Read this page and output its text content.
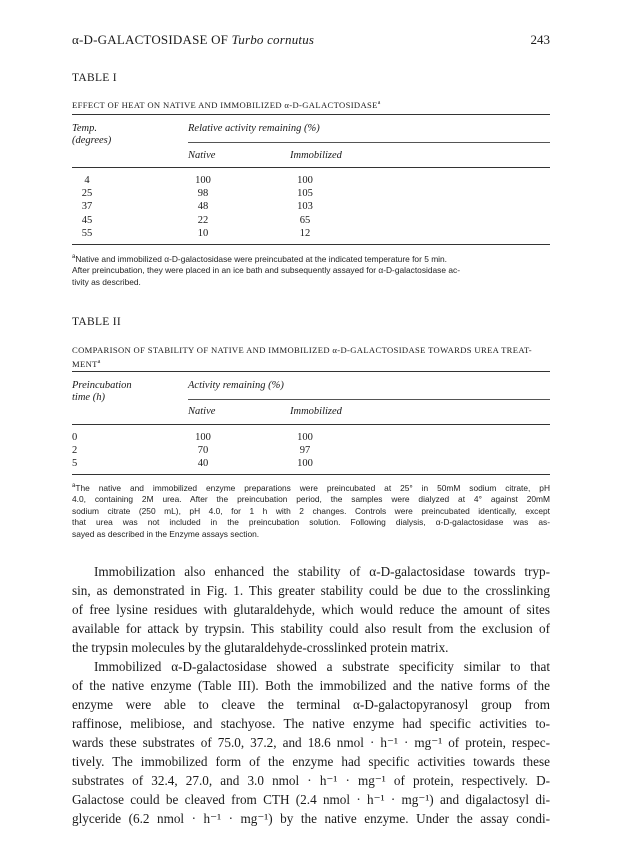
α-D-GALACTOSIDASE OF Turbo cornutus	243
TABLE I
EFFECT OF HEAT ON NATIVE AND IMMOBILIZED α-D-GALACTOSIDASE$^a$
Temp.
(degrees)
Relative activity remaining (%)
Native	Immobilized
4	100	100
25	98	105
37	48	103
45	22	65
55	10	12
$^a$Native and immobilized α-D-galactosidase were preincubated at the indicated temperature for 5 min.
After preincubation, they were placed in an ice bath and subsequently assayed for α-D-galactosidase ac-
tivity as described.
TABLE II
COMPARISON OF STABILITY OF NATIVE AND IMMOBILIZED α-D-GALACTOSIDASE TOWARDS UREA TREAT-
MENT$^a$
Preincubation
time (h)
Activity remaining (%)
Native	Immobilized
0	100	100
2	70	97
5	40	100
$^a$The native and immobilized enzyme preparations were preincubated at 25° in 50mM sodium citrate, pH
4.0, containing 2M urea. After the preincubation period, the samples were dialyzed at 4° against 20mM
sodium citrate (250 mL), pH 4.0, for 1 h with 2 changes. Controls were preincubated identically, except
that urea was not included in the preincubation solution. Following dialysis, α-D-galactosidase was as-
sayed as described in the Enzyme assays section.
Immobilization also enhanced the stability of α-D-galactosidase towards tryp-
sin, as demonstrated in Fig. 1. This greater stability could be due to the crosslinking
of free lysine residues with glutaraldehyde, which would reduce the amount of sites
available for attack by trypsin. This stability could also result from the exclusion of
the trypsin molecules by the glutaraldehyde-crosslinked protein matrix.
Immobilized α-D-galactosidase showed a substrate specificity similar to that
of the native enzyme (Table III). Both the immobilized and the native forms of the
enzyme were able to cleave the terminal α-D-galactopyranosyl group from
raffinose, melibiose, and stachyose. The native enzyme had specific activities to-
wards these substrates of 75.0, 37.2, and 18.6 nmol · h⁻¹ · mg⁻¹ of protein, respec-
tively. The immobilized form of the enzyme had specific activities towards these
substrates of 32.4, 27.0, and 3.0 nmol · h⁻¹ · mg⁻¹ of protein, respectively. D-
Galactose could be cleaved from CTH (2.4 nmol · h⁻¹ · mg⁻¹) and digalactosyl di-
glyceride (6.2 nmol · h⁻¹ · mg⁻¹) by the native enzyme. Under the assay condi-
